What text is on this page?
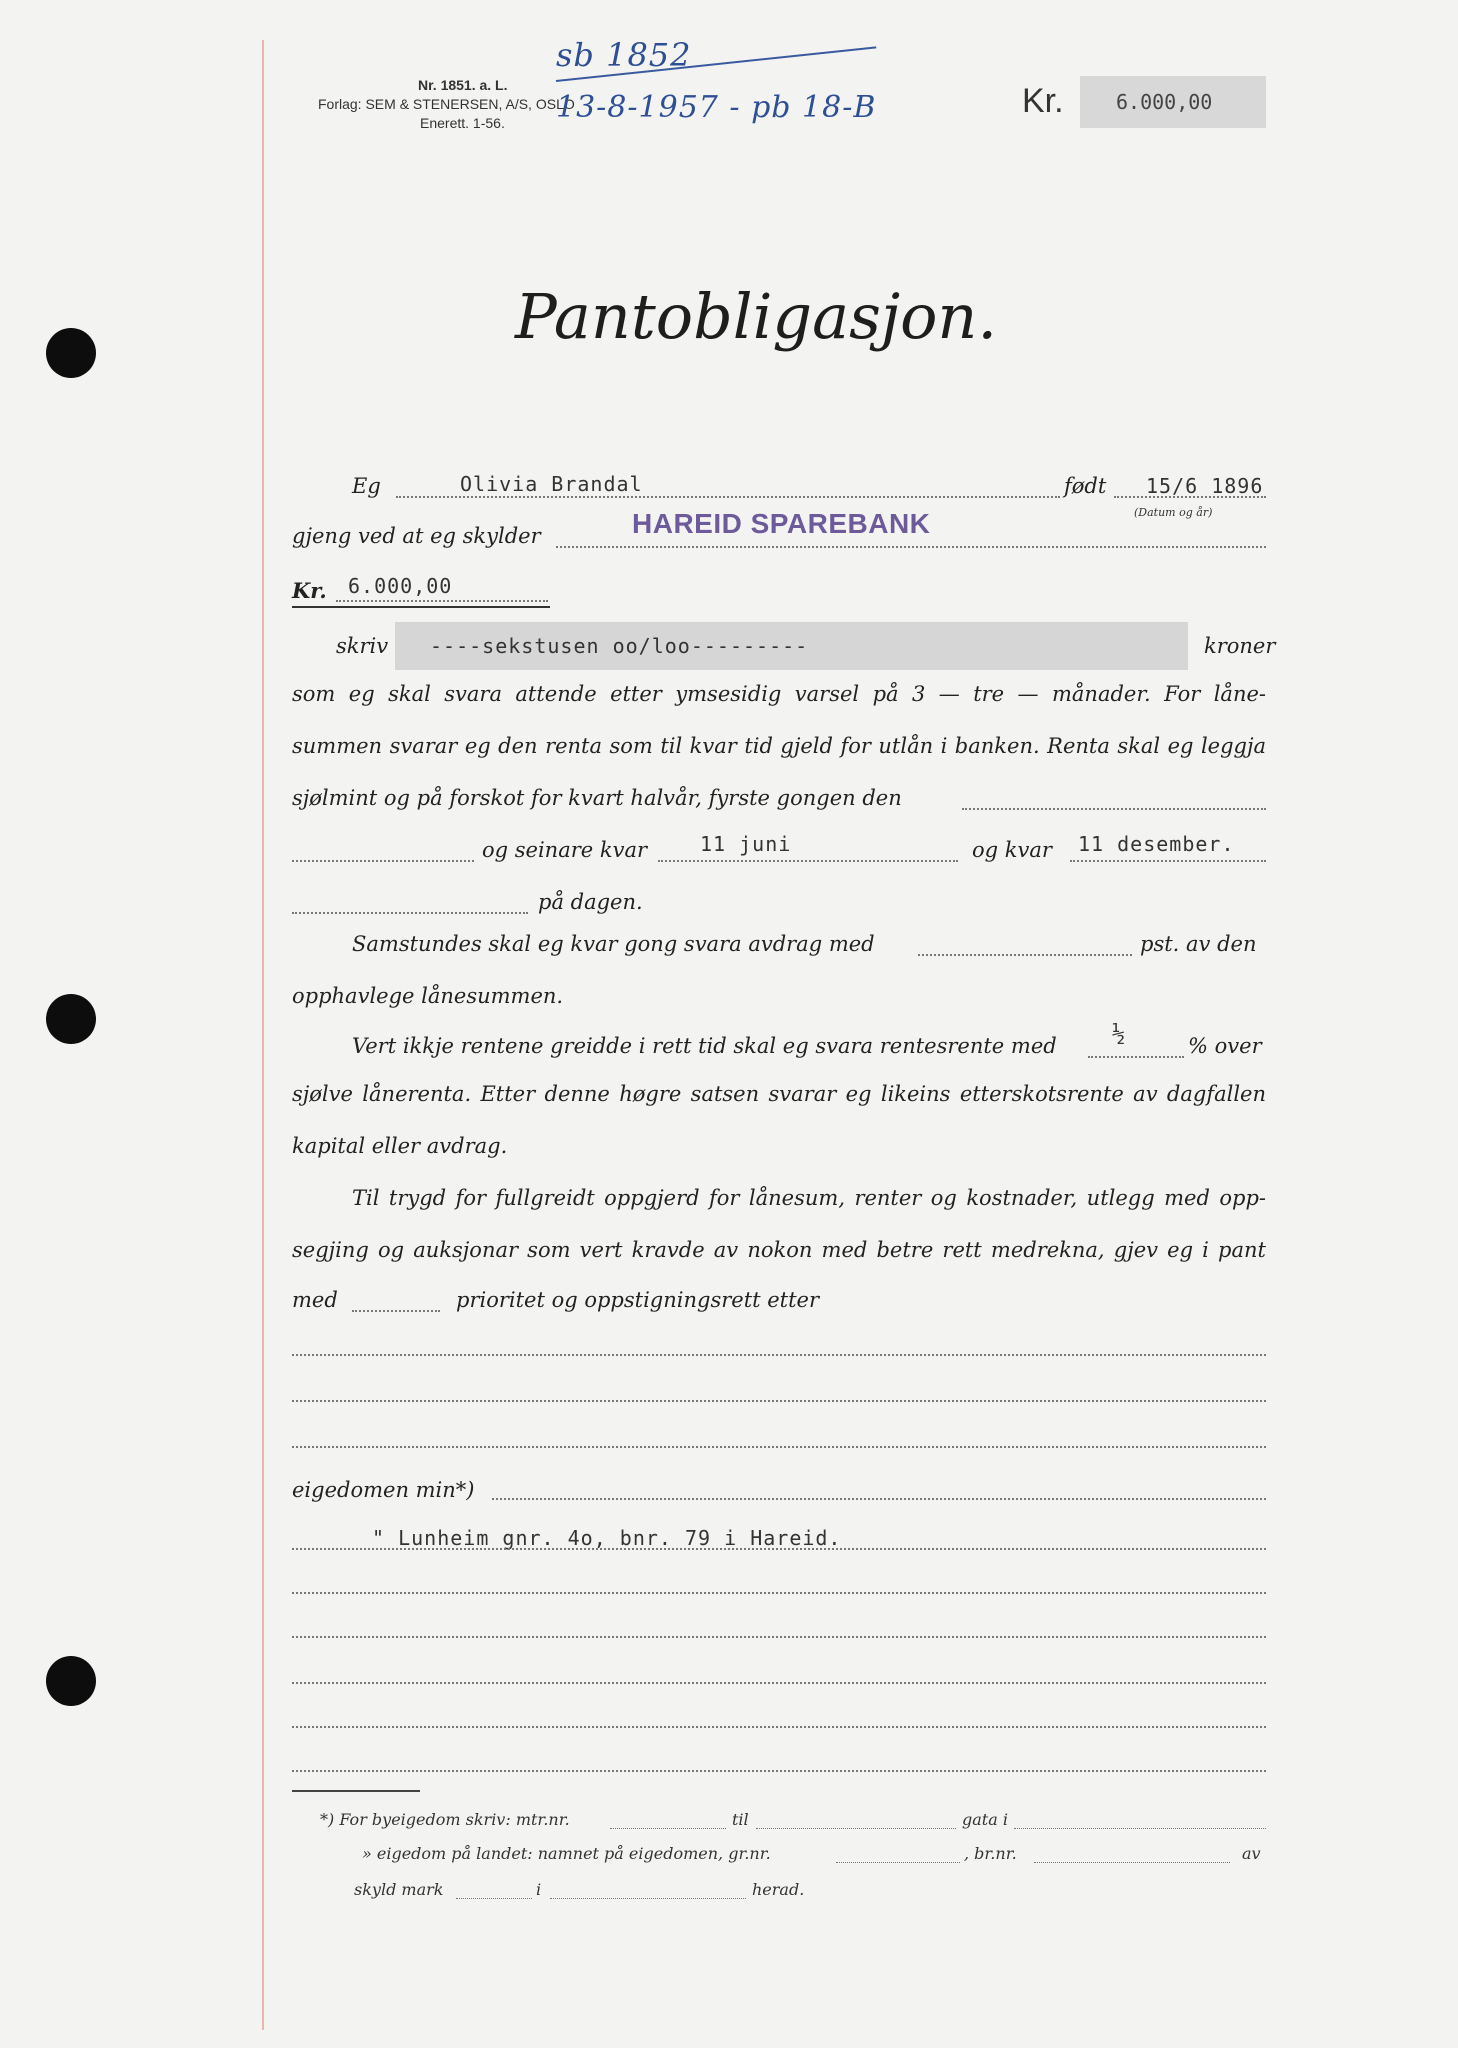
Nr. 1851. a. L.
Forlag: SEM & STENERSEN, A/S, OSLO
Enerett. 1-56.
sb 1852
13-8-1957 - pb 18-B	Kr.	6.000,00
Pantobligasjon.
Eg	Olivia Brandal	født 15/6 1896
(Datum og år)
gjeng ved at eg skylder	HAREID SPAREBANK
Kr. 6.000,00
skriv ----sekstusen oo/loo---------	kroner
som eg skal svara attende etter ymsesidig varsel på 3 — tre — månader. For låne-
summen svarar eg den renta som til kvar tid gjeld for utlån i banken. Renta skal eg leggja
sjølmint og på forskot for kvart halvår, fyrste gongen den
og seinare kvar	11 juni	og kvar 11 desember.
på dagen.
Samstundes skal eg kvar gong svara avdrag med	pst. av den
opphavlege lånesummen.
Vert ikkje rentene greidde i rett tid skal eg svara rentesrente med	½	% over
sjølve lånerenta. Etter denne høgre satsen svarar eg likeins etterskotsrente av dagfallen
kapital eller avdrag.
Til trygd for fullgreidt oppgjerd for lånesum, renter og kostnader, utlegg med opp-
segjing og auksjonar som vert kravde av nokon med betre rett medrekna, gjev eg i pant
med	prioritet og oppstigningsrett etter
eigedomen min*)
" Lunheim gnr. 4o, bnr. 79 i Hareid.
*) For byeigedom skriv: mtr.nr.	til	gata i
» eigedom på landet: namnet på eigedomen, gr.nr.	, br.nr.	av
skyld mark	i	herad.
